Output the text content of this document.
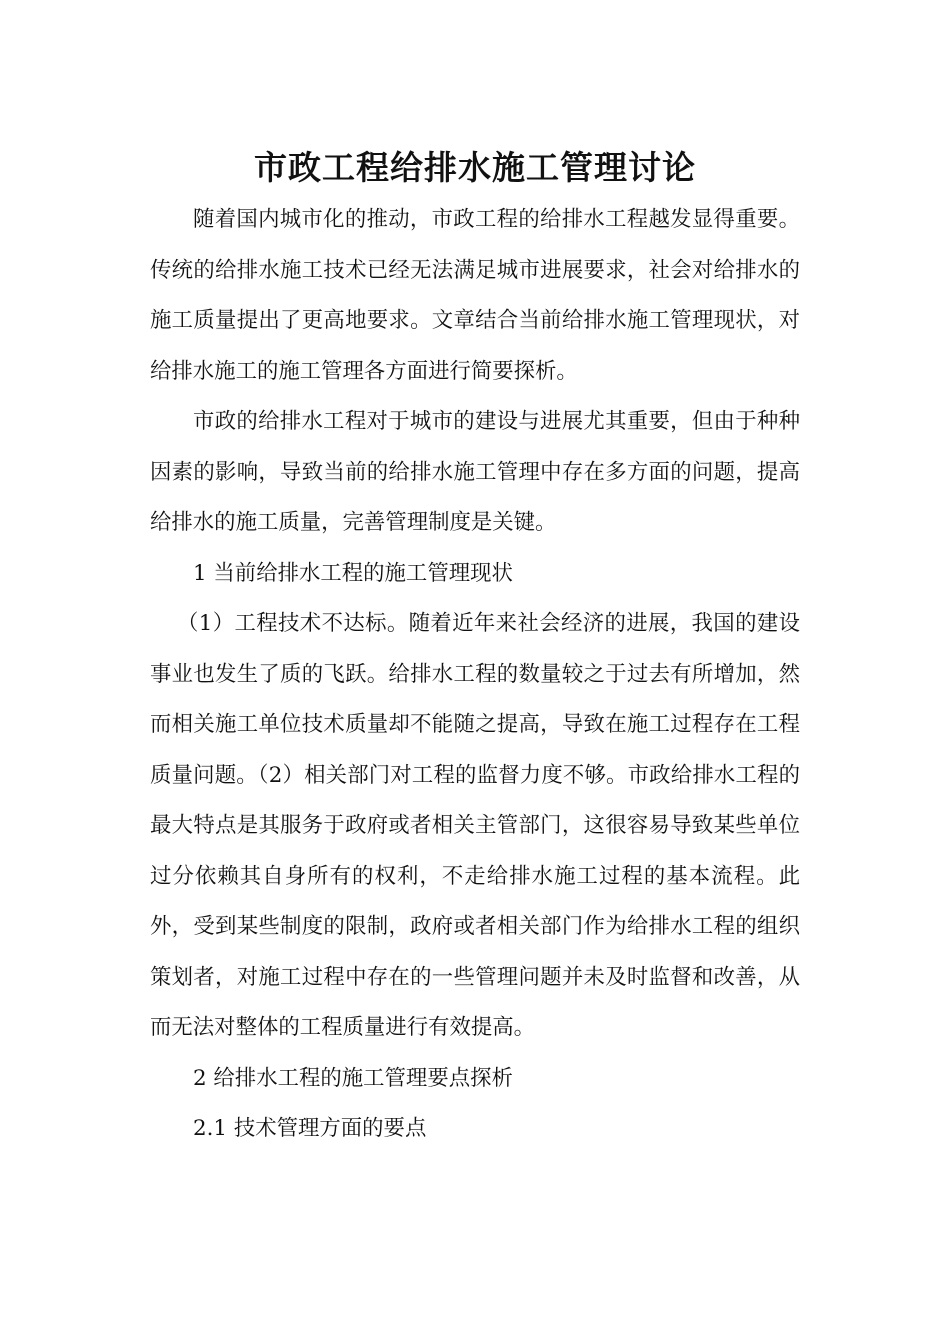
市政工程给排水施工管理讨论

随着国内城市化的推动，市政工程的给排水工程越发显得重要。传统的给排水施工技术已经无法满足城市进展要求，社会对给排水的施工质量提出了更高地要求。文章结合当前给排水施工管理现状，对给排水施工的施工管理各方面进行简要探析。

市政的给排水工程对于城市的建设与进展尤其重要，但由于种种因素的影响，导致当前的给排水施工管理中存在多方面的问题，提高给排水的施工质量，完善管理制度是关键。

1 当前给排水工程的施工管理现状

（1）工程技术不达标。随着近年来社会经济的进展，我国的建设事业也发生了质的飞跃。给排水工程的数量较之于过去有所增加，然而相关施工单位技术质量却不能随之提高，导致在施工过程存在工程质量问题。（2）相关部门对工程的监督力度不够。市政给排水工程的最大特点是其服务于政府或者相关主管部门，这很容易导致某些单位过分依赖其自身所有的权利，不走给排水施工过程的基本流程。此外，受到某些制度的限制，政府或者相关部门作为给排水工程的组织策划者，对施工过程中存在的一些管理问题并未及时监督和改善，从而无法对整体的工程质量进行有效提高。

2 给排水工程的施工管理要点探析

2.1 技术管理方面的要点
